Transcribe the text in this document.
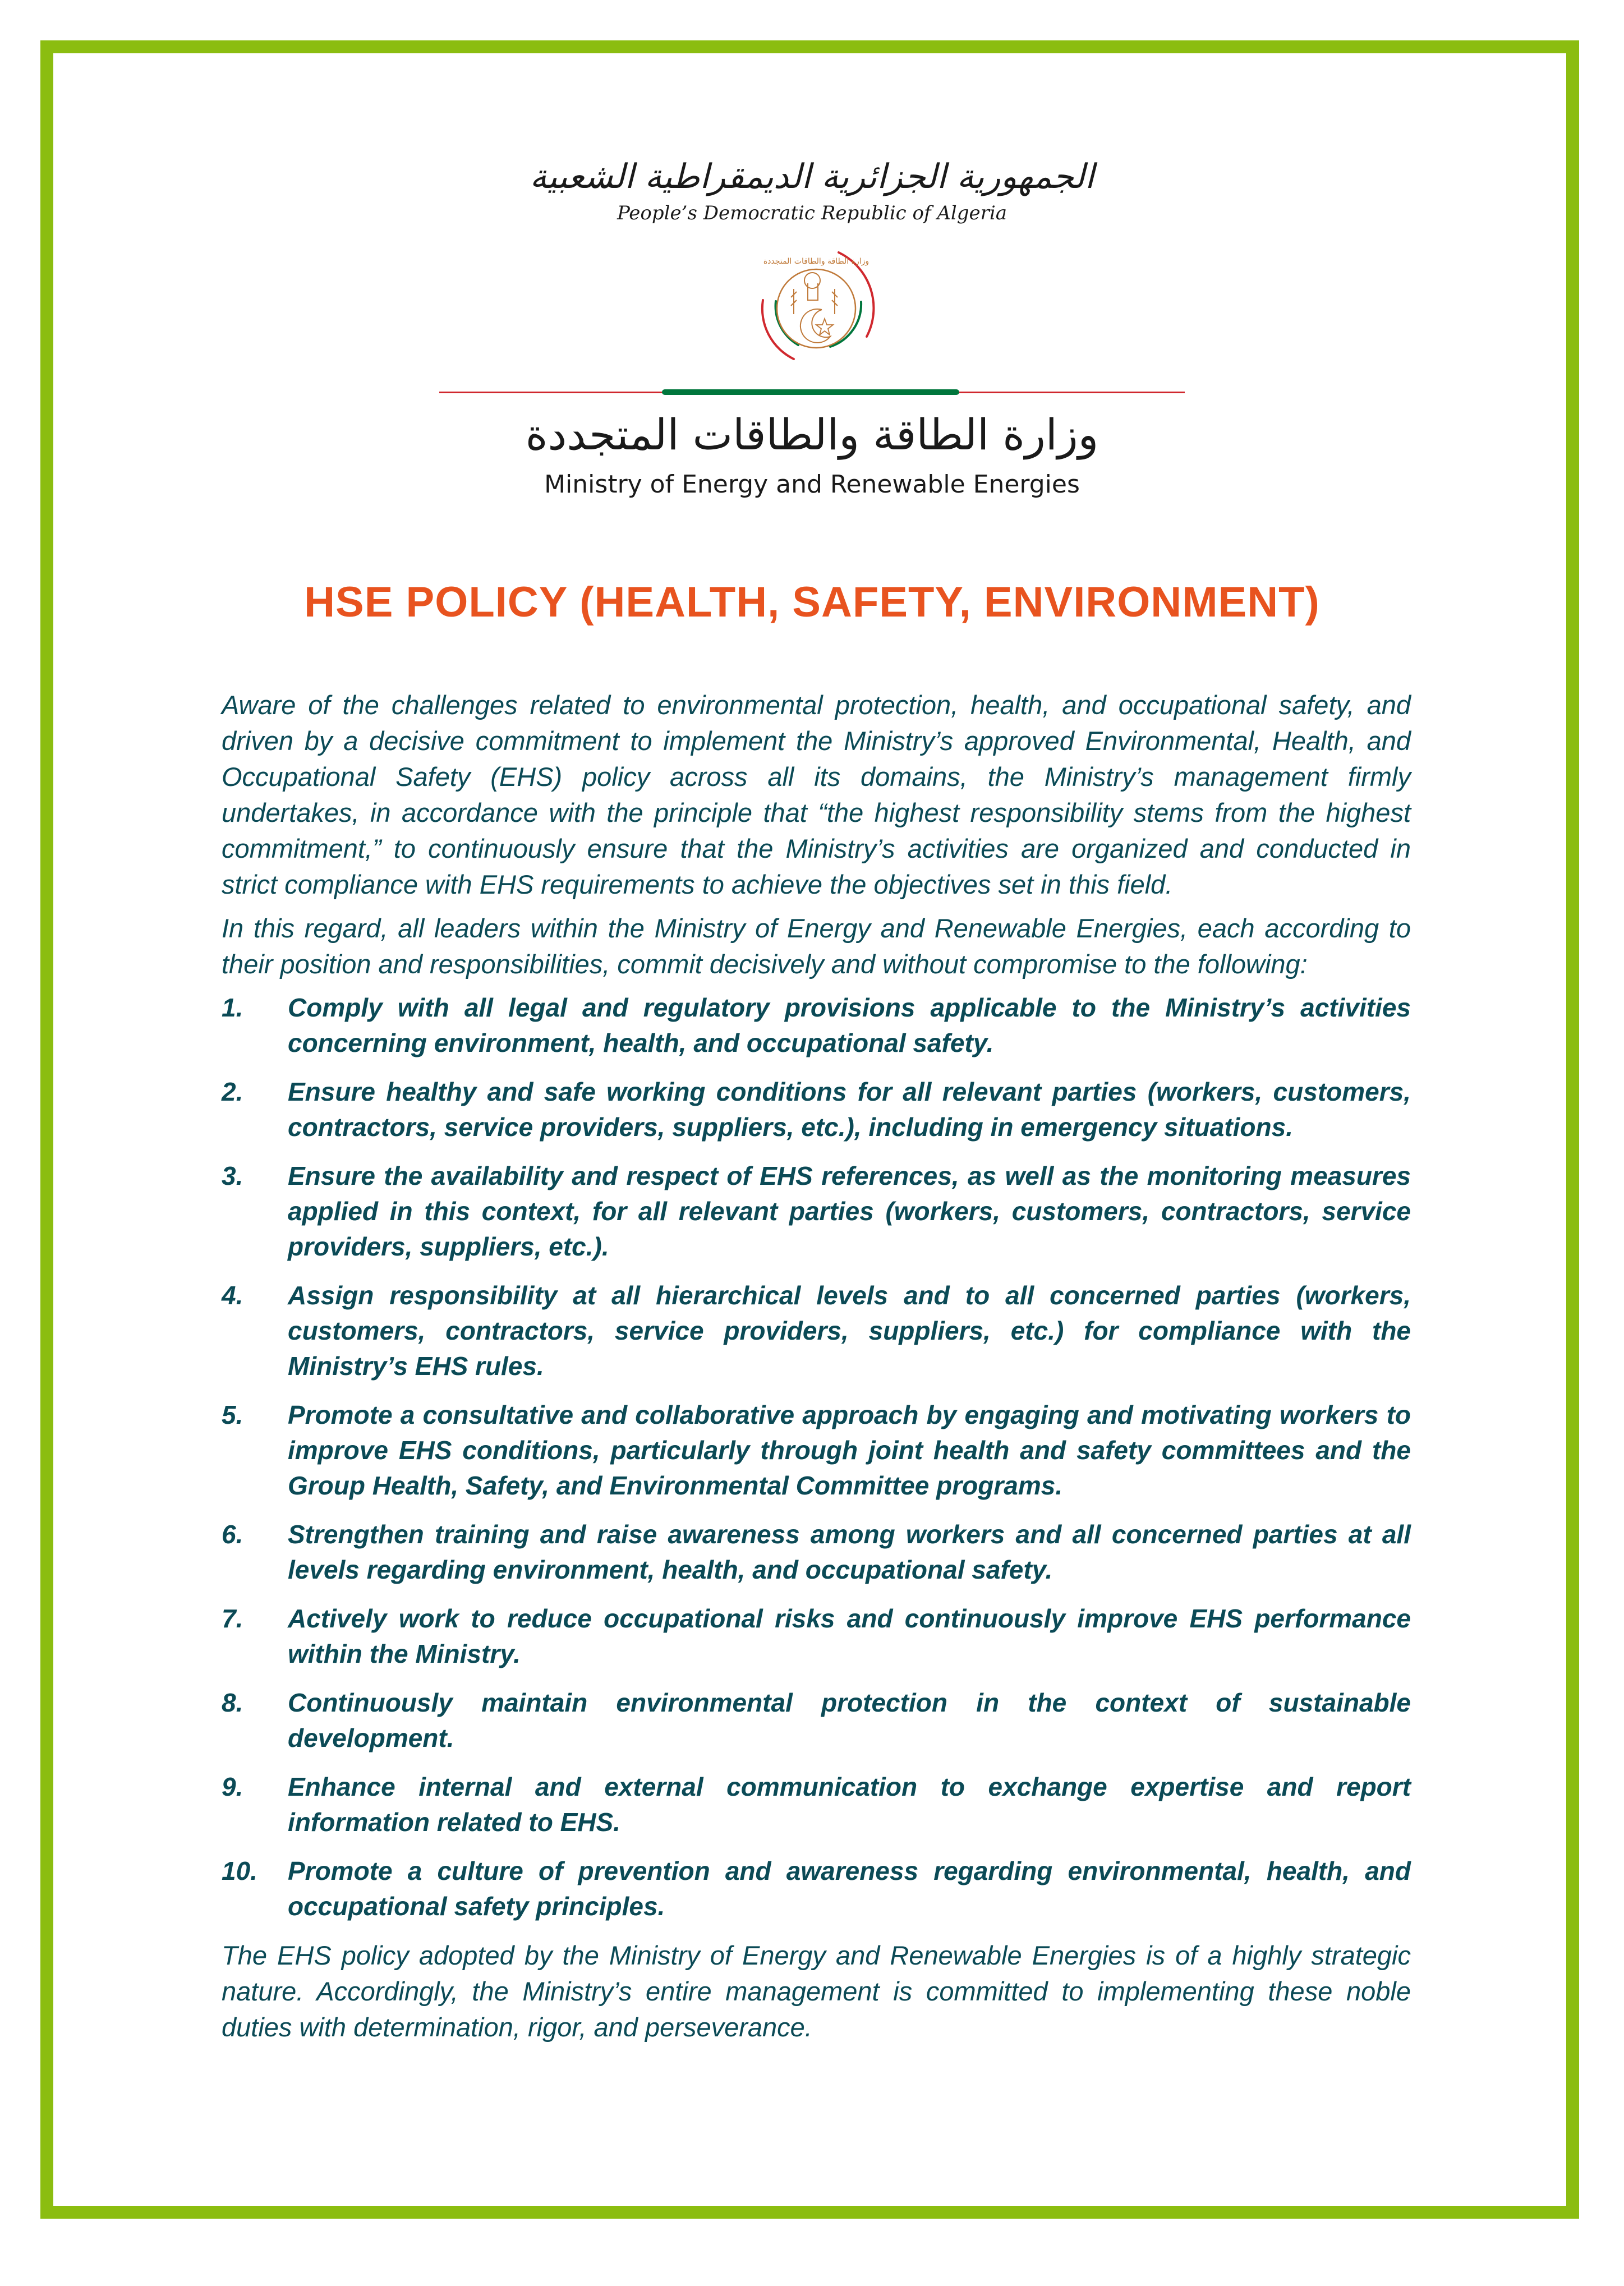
الجمهورية الجزائرية الديمقراطية الشعبية
People’s Democratic Republic of Algeria
وزارة الطاقة والطاقات المتجددة
وزارة الطاقة والطاقات المتجددة
Ministry of Energy and Renewable Energies
HSE POLICY (HEALTH, SAFETY, ENVIRONMENT)

Aware of the challenges related to environmental protection, health, and occupational safety, and driven by a decisive commitment to implement the Ministry’s approved Environmental, Health, and Occupational Safety (EHS) policy across all its domains, the Ministry’s management firmly undertakes, in accordance with the principle that “the highest responsibility stems from the highest commitment,” to continuously ensure that the Ministry’s activities are organized and conducted in strict compliance with EHS requirements to achieve the objectives set in this field.

In this regard, all leaders within the Ministry of Energy and Renewable Energies, each according to their position and responsibilities, commit decisively and without compromise to the following:

1.	Comply with all legal and regulatory provisions applicable to the Ministry’s activities concerning environment, health, and occupational safety.
2.	Ensure healthy and safe working conditions for all relevant parties (workers, customers, contractors, service providers, suppliers, etc.), including in emergency situations.
3.	Ensure the availability and respect of EHS references, as well as the monitoring measures applied in this context, for all relevant parties (workers, customers, contractors, service providers, suppliers, etc.).
4.	Assign responsibility at all hierarchical levels and to all concerned parties (workers, customers, contractors, service providers, suppliers, etc.) for compliance with the Ministry’s EHS rules.
5.	Promote a consultative and collaborative approach by engaging and motivating workers to improve EHS conditions, particularly through joint health and safety committees and the Group Health, Safety, and Environmental Committee programs.
6.	Strengthen training and raise awareness among workers and all concerned parties at all levels regarding environment, health, and occupational safety.
7.	Actively work to reduce occupational risks and continuously improve EHS performance within the Ministry.
8.	Continuously maintain environmental protection in the context of sustainable development.
9.	Enhance internal and external communication to exchange expertise and report information related to EHS.
10.	Promote a culture of prevention and awareness regarding environmental, health, and occupational safety principles.

The EHS policy adopted by the Ministry of Energy and Renewable Energies is of a highly strategic nature. Accordingly, the Ministry’s entire management is committed to implementing these noble duties with determination, rigor, and perseverance.
